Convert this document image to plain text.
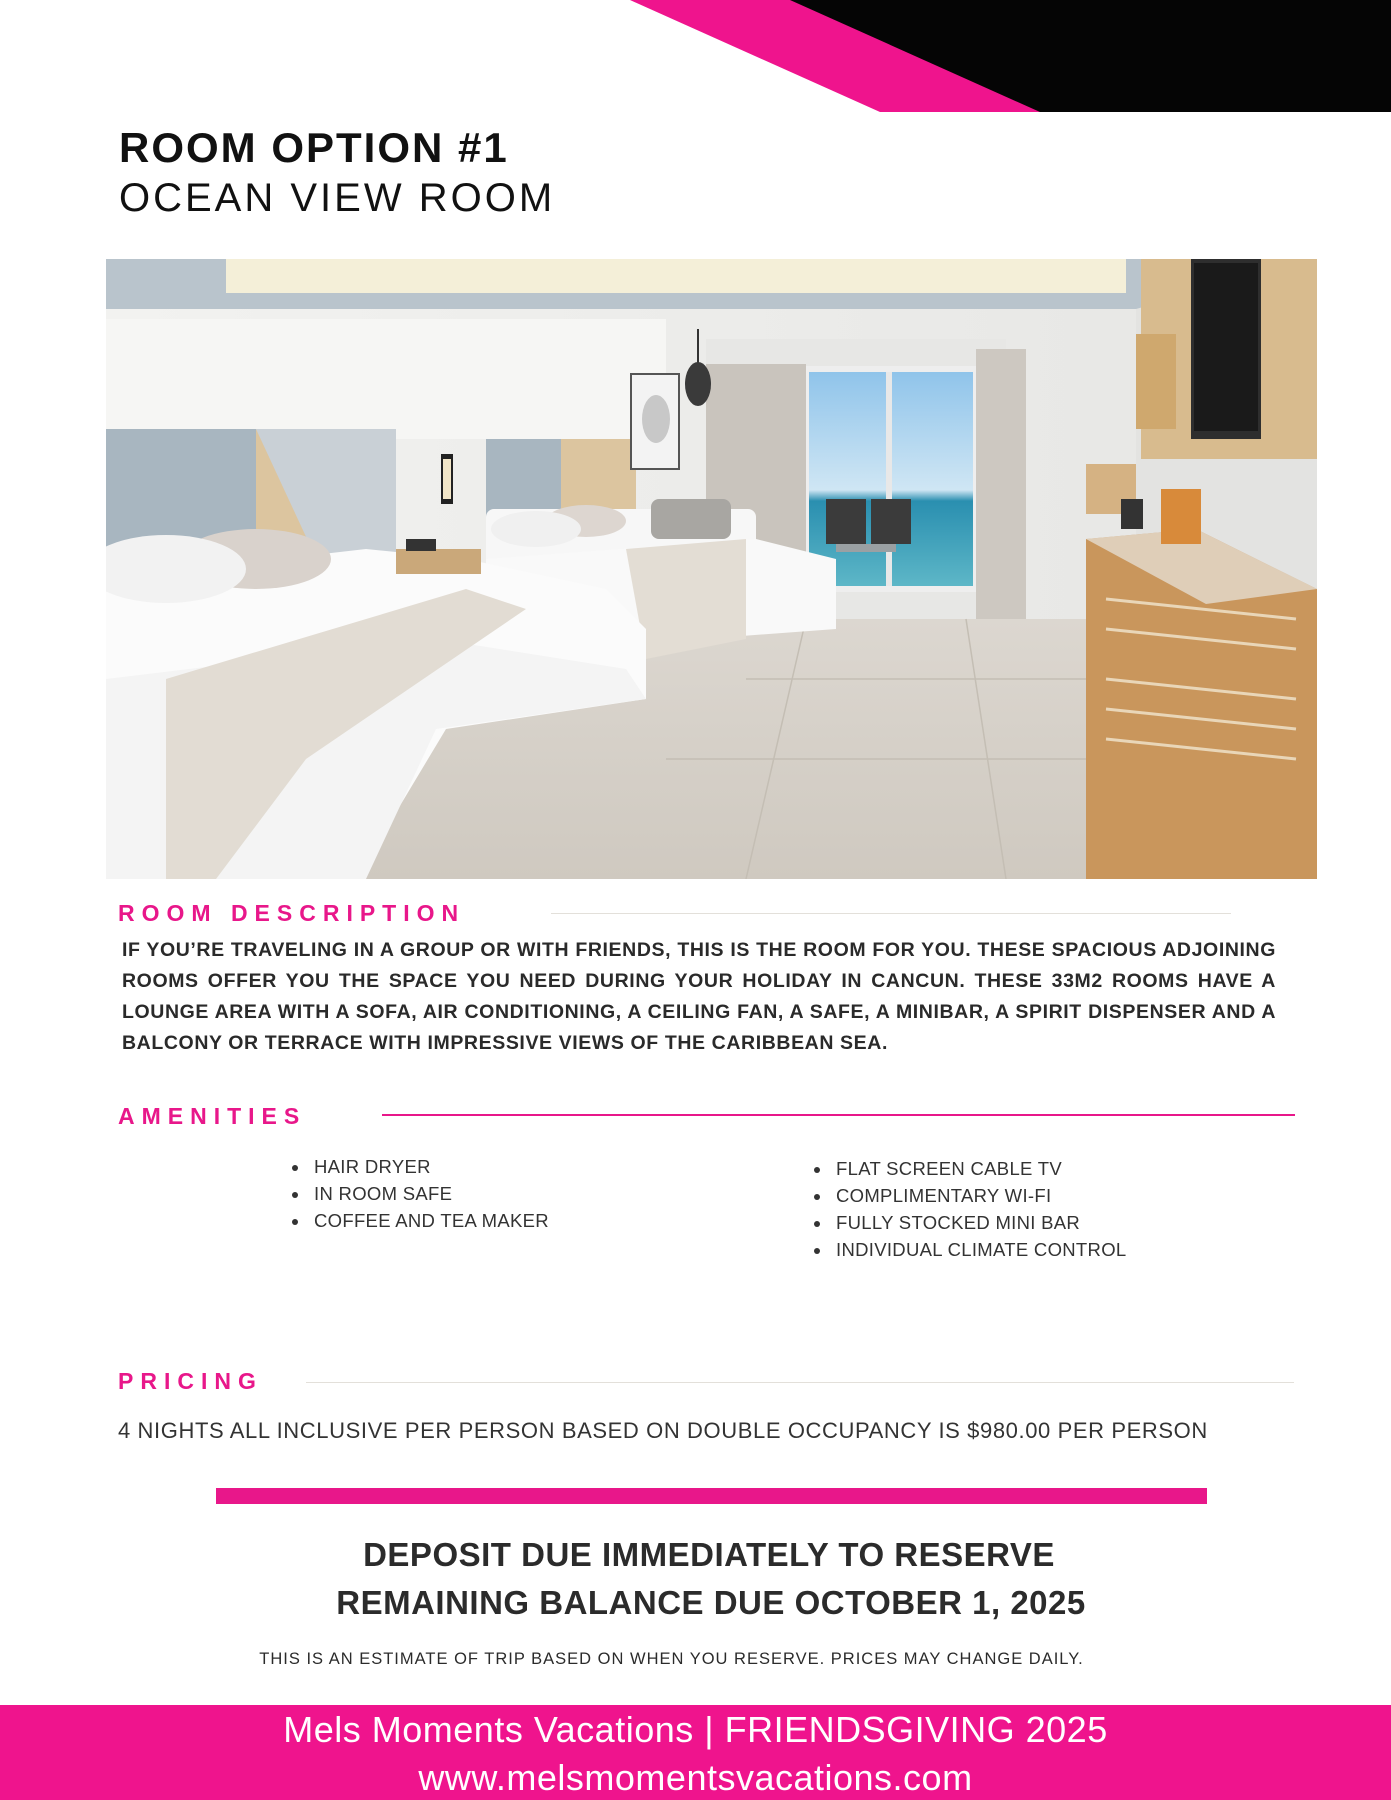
ROOM OPTION #1
OCEAN VIEW ROOM
ROOM DESCRIPTION

IF YOU’RE TRAVELING IN A GROUP OR WITH FRIENDS, THIS IS THE ROOM FOR YOU. THESE SPACIOUS ADJOINING ROOMS OFFER YOU THE SPACE YOU NEED DURING YOUR HOLIDAY IN CANCUN. THESE 33M2 ROOMS HAVE A LOUNGE AREA WITH A SOFA, AIR CONDITIONING, A CEILING FAN, A SAFE, A MINIBAR, A SPIRIT DISPENSER AND A BALCONY OR TERRACE WITH IMPRESSIVE VIEWS OF THE CARIBBEAN SEA.

AMENITIES
• HAIR DRYER
• IN ROOM SAFE
• COFFEE AND TEA MAKER
• FLAT SCREEN CABLE TV
• COMPLIMENTARY WI-FI
• FULLY STOCKED MINI BAR
• INDIVIDUAL CLIMATE CONTROL
PRICING

4 NIGHTS ALL INCLUSIVE PER PERSON BASED ON DOUBLE OCCUPANCY IS $980.00 PER PERSON

DEPOSIT DUE IMMEDIATELY TO RESERVE

REMAINING BALANCE DUE OCTOBER 1, 2025

THIS IS AN ESTIMATE OF TRIP BASED ON WHEN YOU RESERVE. PRICES MAY CHANGE DAILY.

Mels Moments Vacations | FRIENDSGIVING 2025

www.melsmomentsvacations.com
